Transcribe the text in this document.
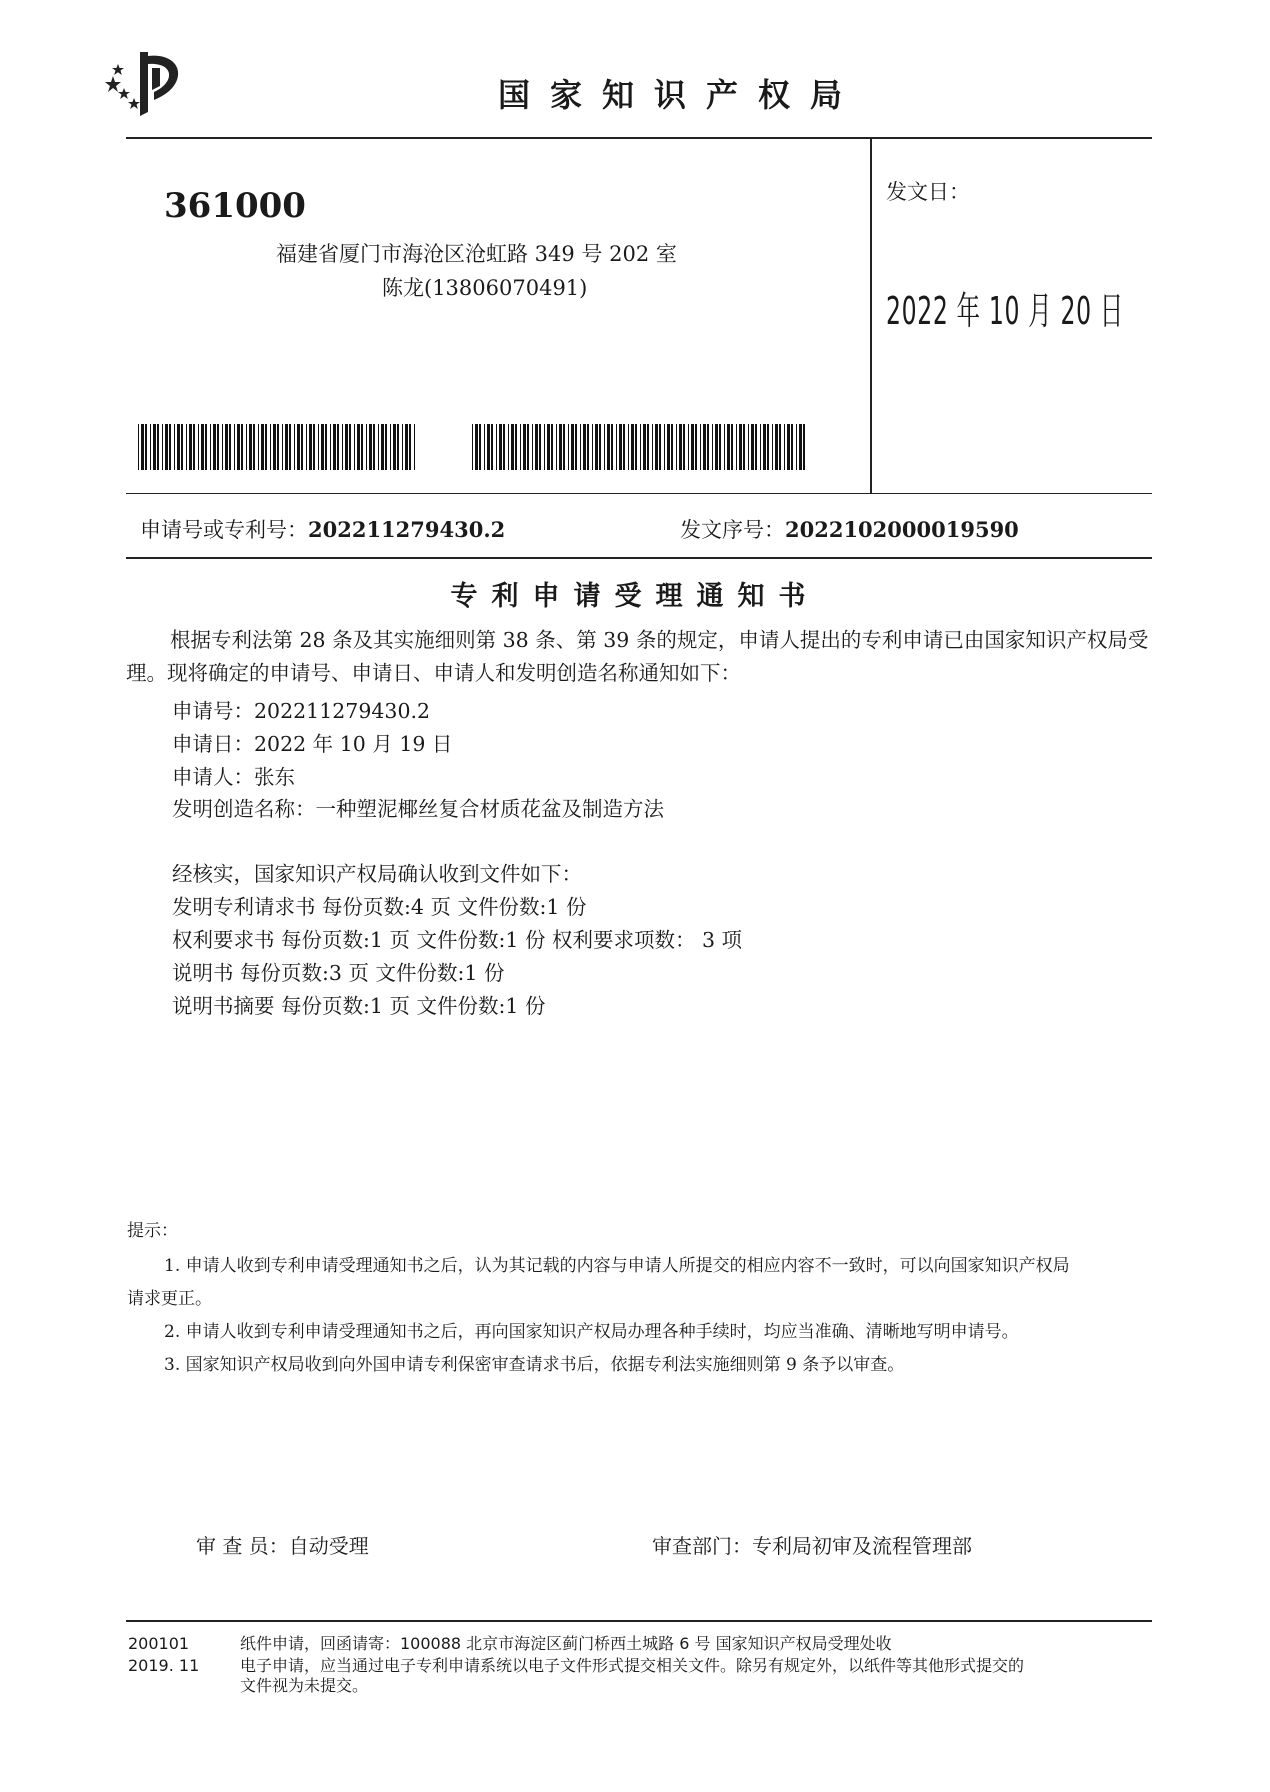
国家知识产权局
361000
福建省厦门市海沧区沧虹路 349 号 202 室
陈龙(13806070491)
发文日：
2022 年 10 月 20 日
申请号或专利号：202211279430.2	发文序号：2022102000019590
专利申请受理通知书
根据专利法第 28 条及其实施细则第 38 条、第 39 条的规定，申请人提出的专利申请已由国家知识产权局受理。现将确定的申请号、申请日、申请人和发明创造名称通知如下：
申请号：202211279430.2
申请日：2022 年 10 月 19 日
申请人：张东
发明创造名称：一种塑泥椰丝复合材质花盆及制造方法
经核实，国家知识产权局确认收到文件如下：
发明专利请求书 每份页数:4 页 文件份数:1 份
权利要求书 每份页数:1 页 文件份数:1 份 权利要求项数： 3 项
说明书 每份页数:3 页 文件份数:1 份
说明书摘要 每份页数:1 页 文件份数:1 份
提示：
1. 申请人收到专利申请受理通知书之后，认为其记载的内容与申请人所提交的相应内容不一致时，可以向国家知识产权局
请求更正。
2. 申请人收到专利申请受理通知书之后，再向国家知识产权局办理各种手续时，均应当准确、清晰地写明申请号。
3. 国家知识产权局收到向外国申请专利保密审查请求书后，依据专利法实施细则第 9 条予以审查。
审 查 员：自动受理	审查部门：专利局初审及流程管理部
200101
2019. 11
纸件申请，回函请寄：100088 北京市海淀区蓟门桥西土城路 6 号 国家知识产权局受理处收
电子申请，应当通过电子专利申请系统以电子文件形式提交相关文件。除另有规定外，以纸件等其他形式提交的
文件视为未提交。
